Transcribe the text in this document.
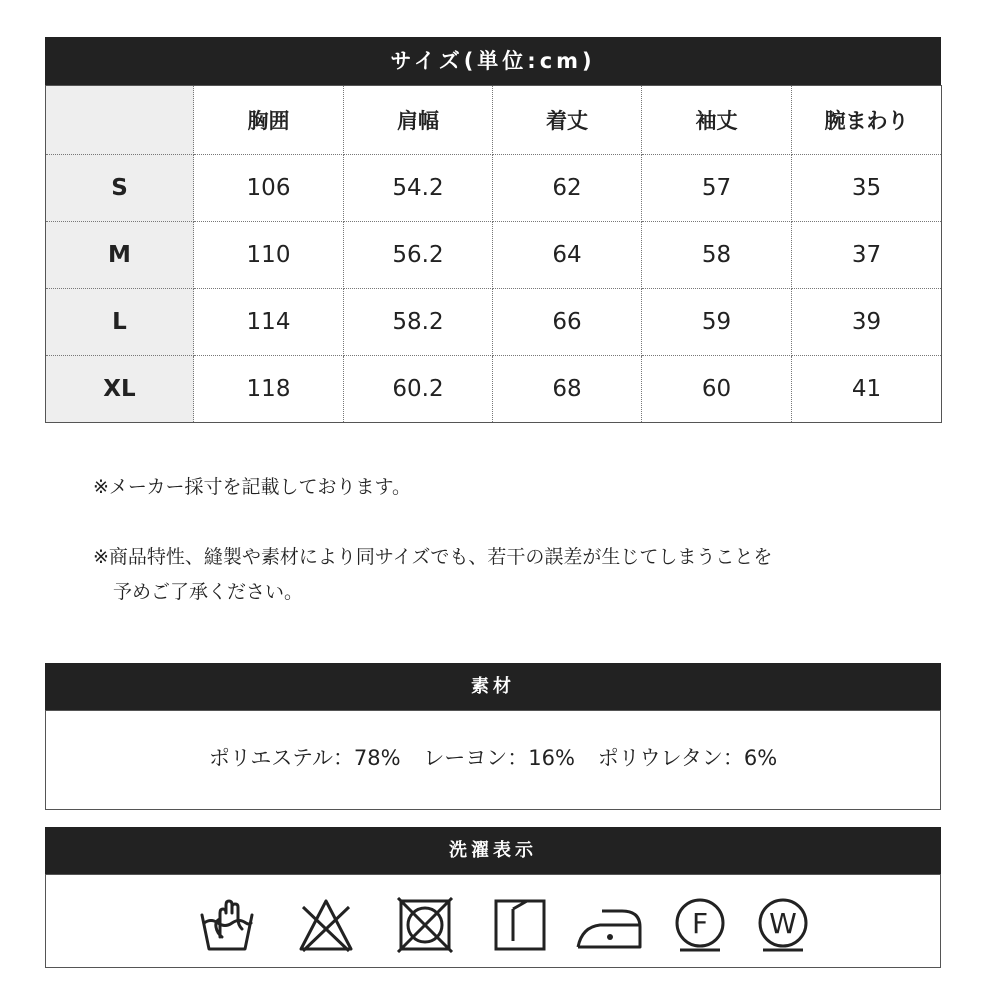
サイズ(単位:cm)
	胸囲	肩幅	着丈	袖丈	腕まわり
S	106	54.2	62	57	35
M	110	56.2	64	58	37
L	114	58.2	66	59	39
XL	118	60.2	68	60	41
※メーカー採寸を記載しております。
※商品特性、縫製や素材により同サイズでも、若干の誤差が生じてしまうことを
予めご了承ください。
素材
ポリエステル：78% レーヨン：16% ポリウレタン：6%
洗濯表示
F W
